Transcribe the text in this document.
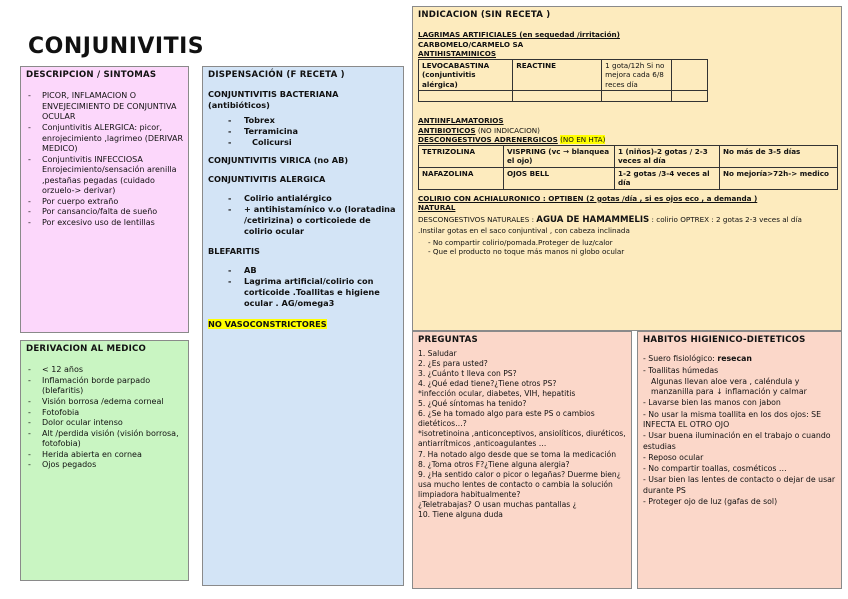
CONJUNIVITIS
DESCRIPCION / SINTOMAS
- PICOR, INFLAMACION O ENVEJECIMIENTO DE CONJUNTIVA OCULAR
- Conjuntivitis ALERGICA: picor, enrojecimiento ,lagrimeo (DERIVAR MEDICO)
- Conjuntivitis INFECCIOSA Enrojecimiento/sensación arenilla ,pestañas pegadas (cuidado orzuelo-> derivar)
- Por cuerpo extraño
- Por cansancio/falta de sueño
- Por excesivo uso de lentillas
DERIVACION AL MEDICO
- < 12 años
- Inflamación borde parpado (blefaritis)
- Visión borrosa /edema corneal
- Fotofobia
- Dolor ocular intenso
- Alt /perdida visión (visión borrosa, fotofobia)
- Herida abierta en cornea
- Ojos pegados
DISPENSACIÓN (F RECETA )
CONJUNTIVITIS BACTERIANA
(antibióticos)
- Tobrex
- Terramicina
- Colicursi
CONJUNTIVITIS VIRICA (no AB)
CONJUNTIVITIS ALERGICA
- Colirio antialérgico
- + antihistamínico v.o (loratadina /cetirizina) o corticoiede de colirio ocular
BLEFARITIS
- AB
- Lagrima artificial/colirio con corticoide .Toallitas e higiene ocular . AG/omega3
NO VASOCONSTRICTORES
INDICACION (SIN RECETA )
LAGRIMAS ARTIFICIALES (en sequedad /irritación)
CARBOMELO/CARMELO SA
ANTIHISTAMINICOS
LEVOCABASTINA (conjuntivitis alérgica)	REACTINE	1 gota/12h Si no mejora cada 6/8 reces día	

ANTIINFLAMATORIOS
ANTIBIOTICOS (NO INDICACION)
DESCONGESTIVOS ADRENERGICOS (NO EN HTA)
TETRIZOLINA	VISPRING (vc → blanquea el ojo)	1 (niños)-2 gotas / 2-3 veces al día	No más de 3-5 días
NAFAZOLINA	OJOS BELL	1-2 gotas /3-4 veces al día	No mejoría>72h-> medico
COLIRIO CON ACHIALURONICO : OPTIBEN (2 gotas /día , si es ojos eco , a demanda )
NATURAL
DESCONGESTIVOS NATURALES : AGUA DE HAMAMMELIS : colirio OPTREX : 2 gotas 2-3 veces al día
.Instilar gotas en el saco conjuntival , con cabeza inclinada
- No compartir colirio/pomada.Proteger de luz/calor
- Que el producto no toque más manos ni globo ocular
PREGUNTAS
1. Saludar
2. ¿Es para usted?
3. ¿Cuánto t lleva con PS?
4. ¿Qué edad tiene?¿Tiene otros PS?
*infección ocular, diabetes, VIH, hepatitis
5. ¿Qué síntomas ha tenido?
6. ¿Se ha tomado algo para este PS o cambios dietéticos…?
*isotretinoina ,anticonceptivos, ansiolíticos, diuréticos, antiarrítmicos ,anticoagulantes …
7. Ha notado algo desde que se toma la medicación
8. ¿Toma otros F?¿Tiene alguna alergia?
9. ¿Ha sentido calor o picor o legañas? Duerme bien¿ usa mucho lentes de contacto o cambia la solución limpiadora habitualmente?
¿Teletrabajas? O usan muchas pantallas ¿
10. Tiene alguna duda
HABITOS HIGIENICO-DIETETICOS
- Suero fisiológico: resecan
- Toallitas húmedas
Algunas llevan aloe vera , caléndula y manzanilla para ↓ inflamación y calmar
- Lavarse bien las manos con jabon
- No usar la misma toallita en los dos ojos: SE INFECTA EL OTRO OJO
- Usar buena iluminación en el trabajo o cuando estudias
- Reposo ocular
- No compartir toallas, cosméticos …
- Usar bien las lentes de contacto o dejar de usar durante PS
- Proteger ojo de luz (gafas de sol)
